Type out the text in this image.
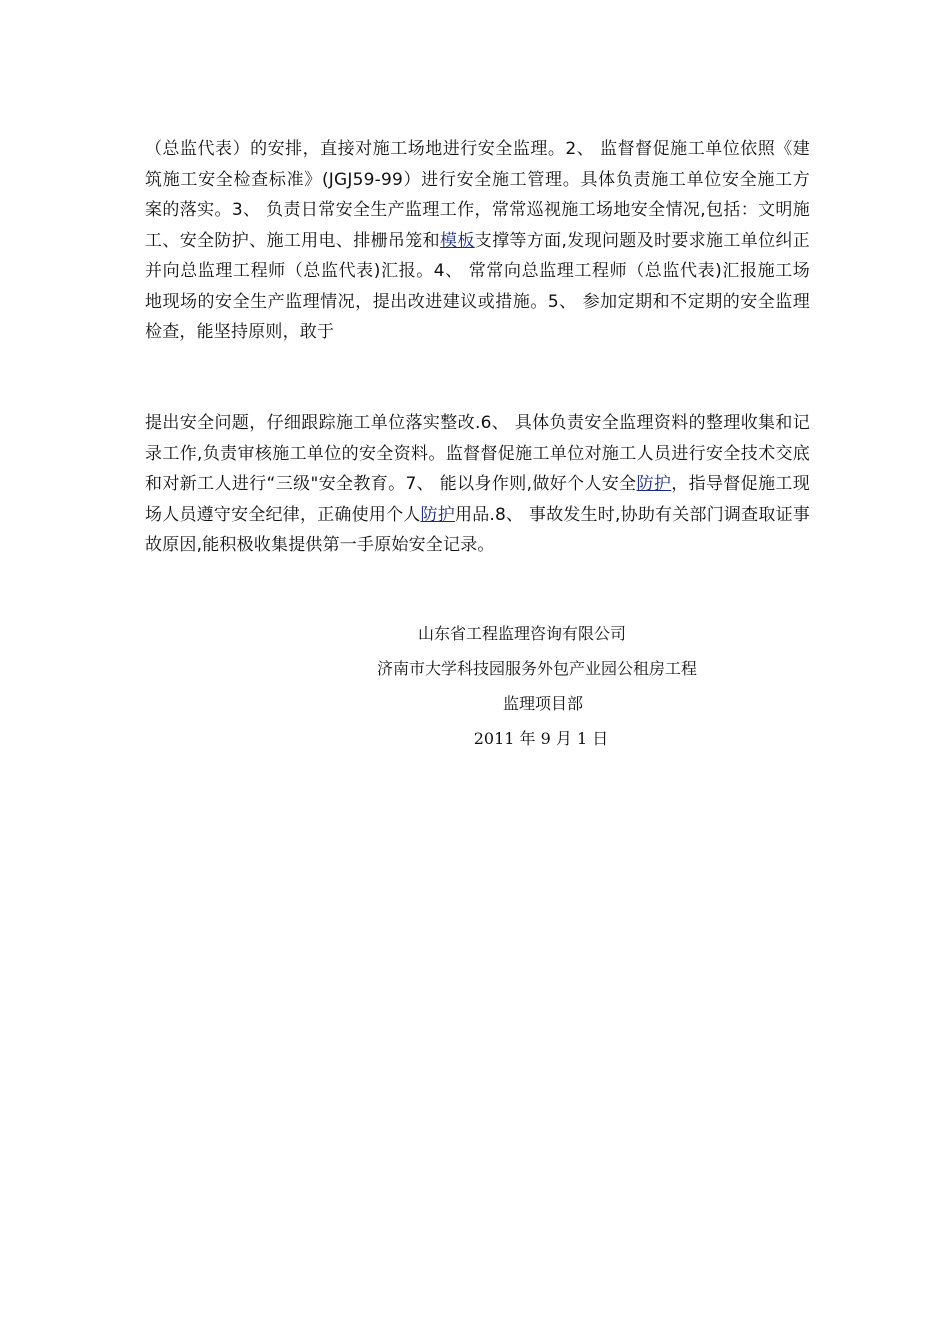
（总监代表）的安排，直接对施工场地进行安全监理。2、 监督督促施工单位依照《建筑施工安全检查标准》(JGJ59-99）进行安全施工管理。具体负责施工单位安全施工方案的落实。3、 负责日常安全生产监理工作，常常巡视施工场地安全情况,包括：文明施工、安全防护、施工用电、排栅吊笼和模板支撑等方面,发现问题及时要求施工单位纠正并向总监理工程师（总监代表)汇报。4、 常常向总监理工程师（总监代表)汇报施工场地现场的安全生产监理情况，提出改进建议或措施。5、 参加定期和不定期的安全监理检查，能坚持原则，敢于

提出安全问题，仔细跟踪施工单位落实整改.6、 具体负责安全监理资料的整理收集和记录工作,负责审核施工单位的安全资料。监督督促施工单位对施工人员进行安全技术交底和对新工人进行“三级"安全教育。7、 能以身作则,做好个人安全防护，指导督促施工现场人员遵守安全纪律，正确使用个人防护用品.8、 事故发生时,协助有关部门调查取证事故原因,能积极收集提供第一手原始安全记录。

山东省工程监理咨询有限公司
济南市大学科技园服务外包产业园公租房工程
监理项目部
2011 年 9 月 1 日
